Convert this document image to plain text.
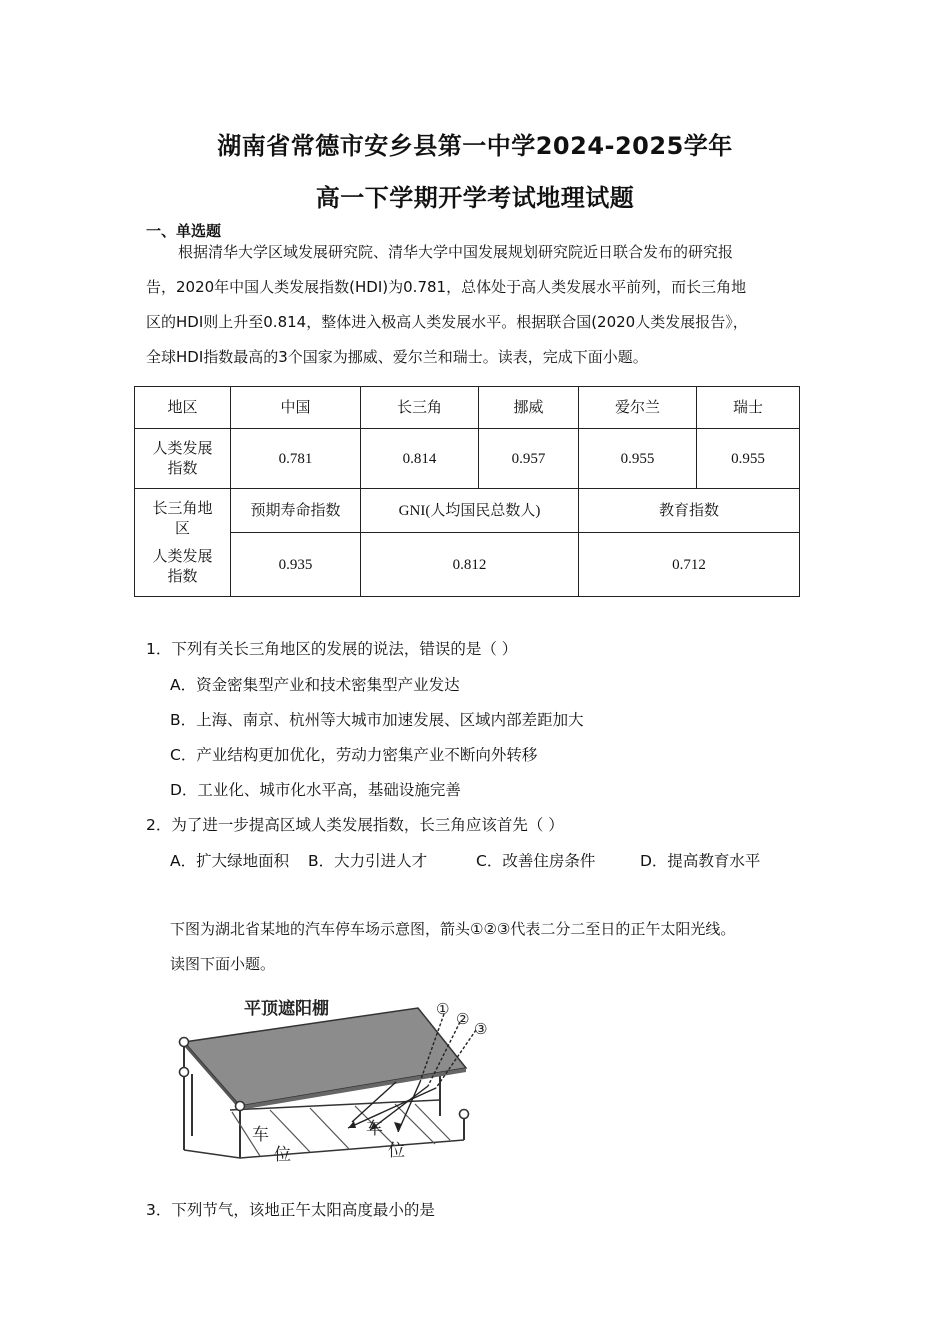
湖南省常德市安乡县第一中学2024-2025学年
高一下学期开学考试地理试题
一、单选题
根据清华大学区域发展研究院、清华大学中国发展规划研究院近日联合发布的研究报
告，2020年中国人类发展指数(HDI)为0.781，总体处于高人类发展水平前列，而长三角地
区的HDI则上升至0.814，整体进入极高人类发展水平。根据联合国(2020人类发展报告》，
全球HDI指数最高的3个国家为挪威、爱尔兰和瑞士。读表，完成下面小题。
地区	中国	长三角	挪威	爱尔兰	瑞士

人类发展
指数	0.781	0.814	0.957	0.955	0.955

长三角地
区
人类发展
指数	预期寿命指数	GNI(人均国民总数人)		教育指数	
	0.935	0.812		0.712	
1．下列有关长三角地区的发展的说法，错误的是（ ）
A．资金密集型产业和技术密集型产业发达
B．上海、南京、杭州等大城市加速发展、区域内部差距加大
C．产业结构更加优化，劳动力密集产业不断向外转移
D．工业化、城市化水平高，基础设施完善
2．为了进一步提高区域人类发展指数，长三角应该首先（ ）
A．扩大绿地面积 B．大力引进人才	C．改善住房条件	D．提高教育水平
下图为湖北省某地的汽车停车场示意图，箭头①②③代表二分二至日的正午太阳光线。
读图下面小题。
平顶遮阳棚	①
②
③
车
位
车
位
3．下列节气，该地正午太阳高度最小的是
